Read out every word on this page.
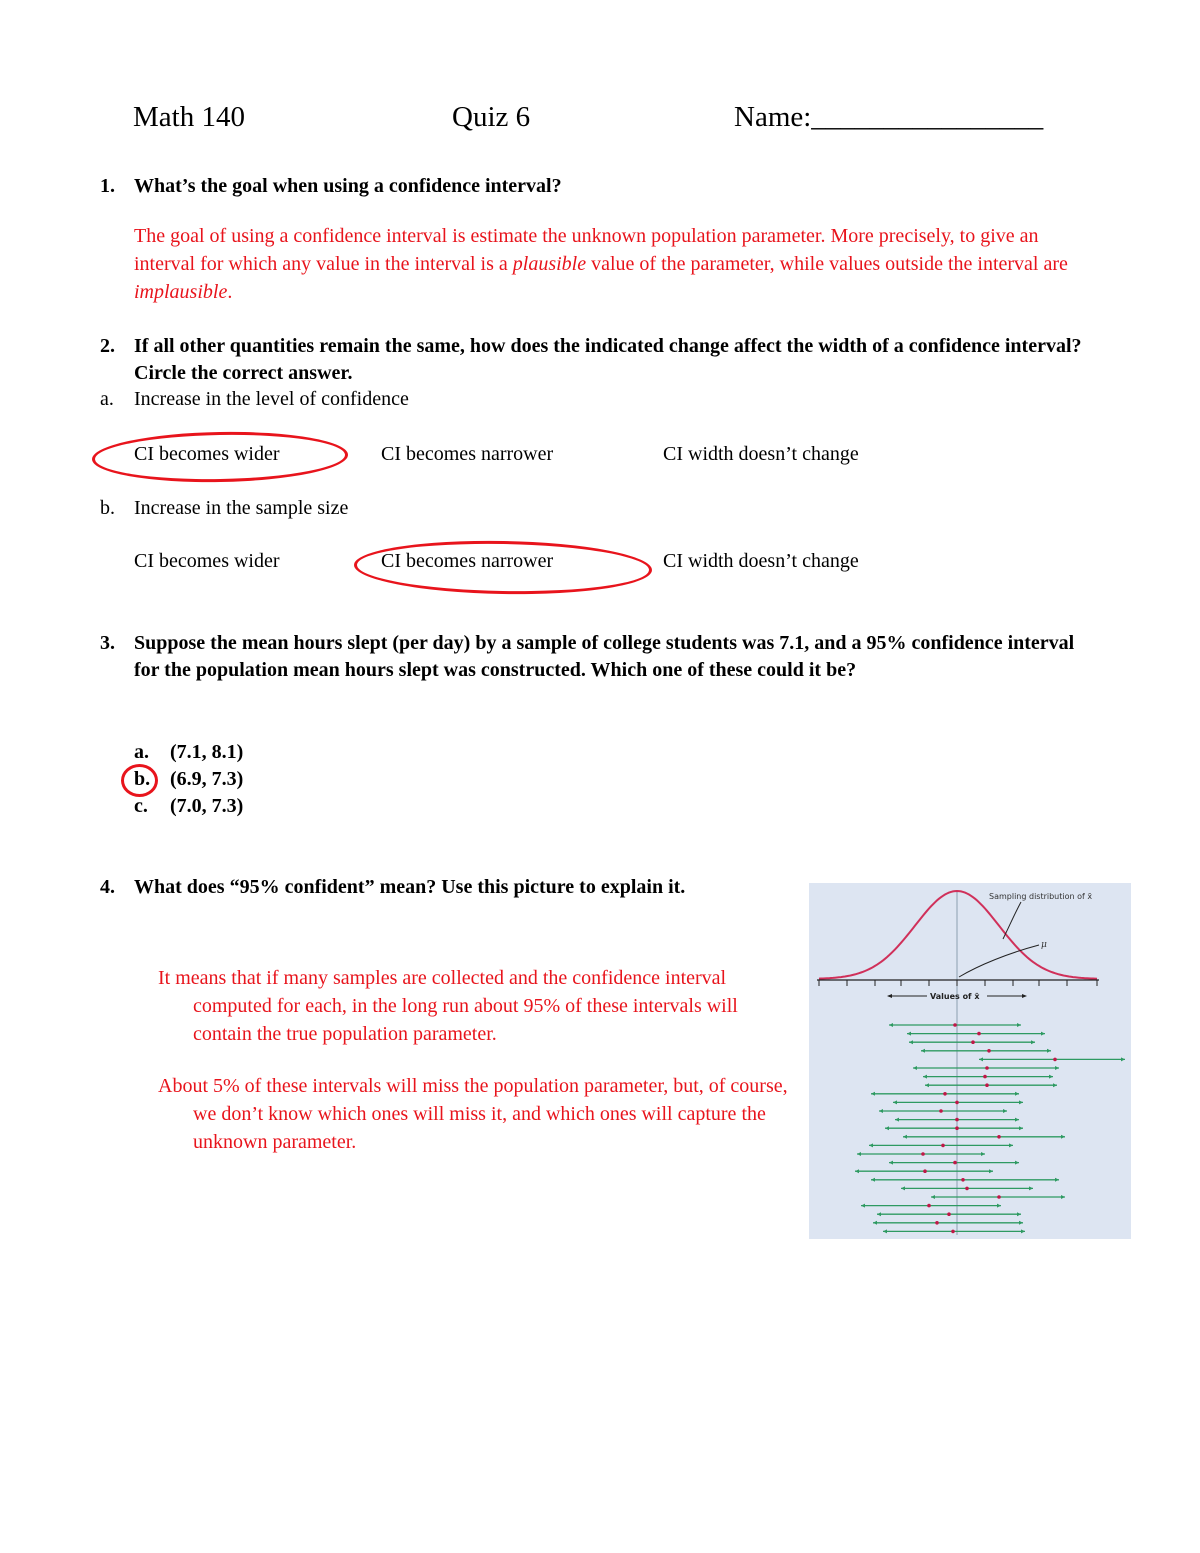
Math 140	Quiz 6	Name:________________
1. What’s the goal when using a confidence interval?
The goal of using a confidence interval is estimate the unknown population parameter. More precisely, to give an interval for which any value in the interval is a plausible value of the parameter, while values outside the interval are implausible.
2. If all other quantities remain the same, how does the indicated change affect the width of a confidence interval? Circle the correct answer.
a. Increase in the level of confidence
CI becomes wider	CI becomes narrower	CI width doesn’t change
b. Increase in the sample size
CI becomes wider	CI becomes narrower	CI width doesn’t change
3. Suppose the mean hours slept (per day) by a sample of college students was 7.1, and a 95% confidence interval for the population mean hours slept was constructed. Which one of these could it be?
a. (7.1, 8.1)
b. (6.9, 7.3)
c. (7.0, 7.3)
4. What does “95% confident” mean? Use this picture to explain it.
It means that if many samples are collected and the confidence interval computed for each, in the long run about 95% of these intervals will contain the true population parameter.
About 5% of these intervals will miss the population parameter, but, of course, we don’t know which ones will miss it, and which ones will capture the unknown parameter.
Sampling distribution of x̄
μ
Values of x̄
